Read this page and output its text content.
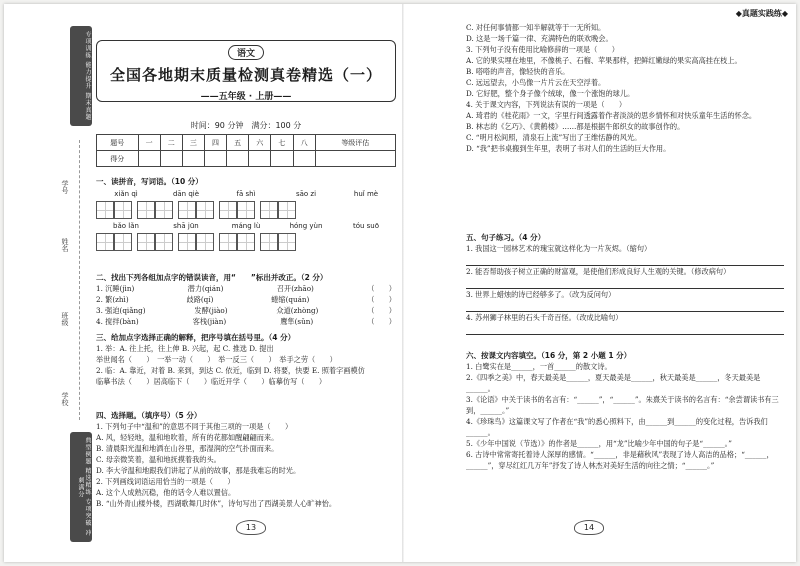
专项训练 能力提升 期末真题
典型例题 精选精练 专项突破 冲刺满分
学号
姓名
班级
学校
语文
全国各地期末质量检测真卷精选（一）
——五年级 · 上册——
时间：90 分钟　满分：100 分
题号	一	二	三	四	五	六	七	八	等级评估
得分									
一、读拼音，写词语。（10 分）
xiǎn qì	dān qiè	fā shì	sāo zi	huǐ mè
bǎo lǎn	shā jūn	máng lù	hóng yùn	tóu suō
二、找出下列各组加点字的错误读音，用“　　”标出并改正。（2 分）
1. 沉睡(jìn)	潜力(qián)	召开(zhāo)	（　　）
2. 繁(zhì)	歧路(qí)	蜷缩(quán)	（　　）
3. 强迫(qiǎng)	发酵(jiào)	众道(zhòng)	（　　）
4. 搅拌(bàn)	客栈(jiàn)	鹰隼(sǔn)	（　　）
三、给加点字选择正确的解释，把序号填在括号里。（4 分）
1. 举：A. 往上托，往上伸 B. 兴起，起 C. 推选 D. 提出
举世闻名（　　）　一举一动（　　）　举一反三（　　）　举手之劳（　　）
2. 临：A. 靠近，对着 B. 来到，到达 C. 依近，临到 D. 将要，快要 E. 照着字画模仿
临摹书法（　　）居高临下（　　）临近开学（　　）临摹仿写（　　）
四、选择题。（填序号）（5 分）
1. 下列句子中“温和”的意思不同于其他三项的一项是（　　）
A. 风，轻轻地，温和地吹着，所有的花都如醒翩翩而来。
B. 清晨阳光温和地洒在山谷里，那湿润的空气扑面而来。
C. 母亲微笑着，温和地抚摸着我的头。
D. 李大爷温和地跟我们讲起了从前的故事，那是我难忘的时光。
2. 下列画线词语运用恰当的一项是（　　）
A. 这个人成熟沉稳，他的话令人难以置信。
B. “山外青山楼外楼，西湖歌舞几时休”，诗句写出了西湖美景人心旷神怡。
13
◆真题实践练◆
C. 对任何事情都一知半解就等于一无所知。
D. 这是一场千篇一律、充满特色的联欢晚会。
3. 下列句子没有使用比喻修辞的一项是（　　）
A. 它的果实埋在地里，不像桃子、石榴、苹果那样，把鲜红嫩绿的果实高高挂在枝上。
B. 嗒嗒的声音，像轻快的音乐。
C. 远远望去，小鸟像一片片云在天空浮着。
D. 它好肥，整个身子像个绒球，像一个涨饱的球儿。
4. 关于课文内容，下列说法有误的一项是（　　）
A. 琦君的《桂花雨》一文，字里行间透露着作者淡淡的思乡情怀和对快乐童年生活的怀念。
B. 林志的《乞巧》、《黄鹤楼》……都是根据牛郎织女的故事创作的。
C. “明月松间照，清泉石上流”写出了王维恬静的风光。
D. “我”把书桌搬到生年里，表明了书对人们的生活的巨大作用。
五、句子练习。（4 分）
1. 我国这一园林艺术的瑰宝就这样化为一片灰烬。（缩句）
2. 能否帮助孩子树立正确的财富观，是使他们形成良好人生观的关键。（修改病句）
3. 世界上蜡烛的诗已经够多了。（改为反问句）
4. 苏州狮子林里的石头千奇百怪。（改成比喻句）
六、按课文内容填空。（16 分，第 2 小题 1 分）
1. 白鹭实在是______，一首______的散文诗。
2.《四季之美》中，春天最美是______，夏天最美是______，秋天最美是______，冬天最美是______。
3.《论语》中关于读书的名言有：“______”，“______”。朱熹关于读书的名言有：“余尝谓读书有三到，______。”
4.《珍珠鸟》这篇课文写了作者在“我”的悉心照料下，由______到______的变化过程，告诉我们______。
5.《少年中国说（节选）》的作者是______，用“龙”比喻少年中国的句子是“______。”
6. 古诗中常常寄托着诗人深厚的感情。“______，非是藉秋风”表现了诗人高洁的品格；“______，______”，穿尽红红几万年”抒发了诗人林杰对美好生活的向往之情；“______。”
14
